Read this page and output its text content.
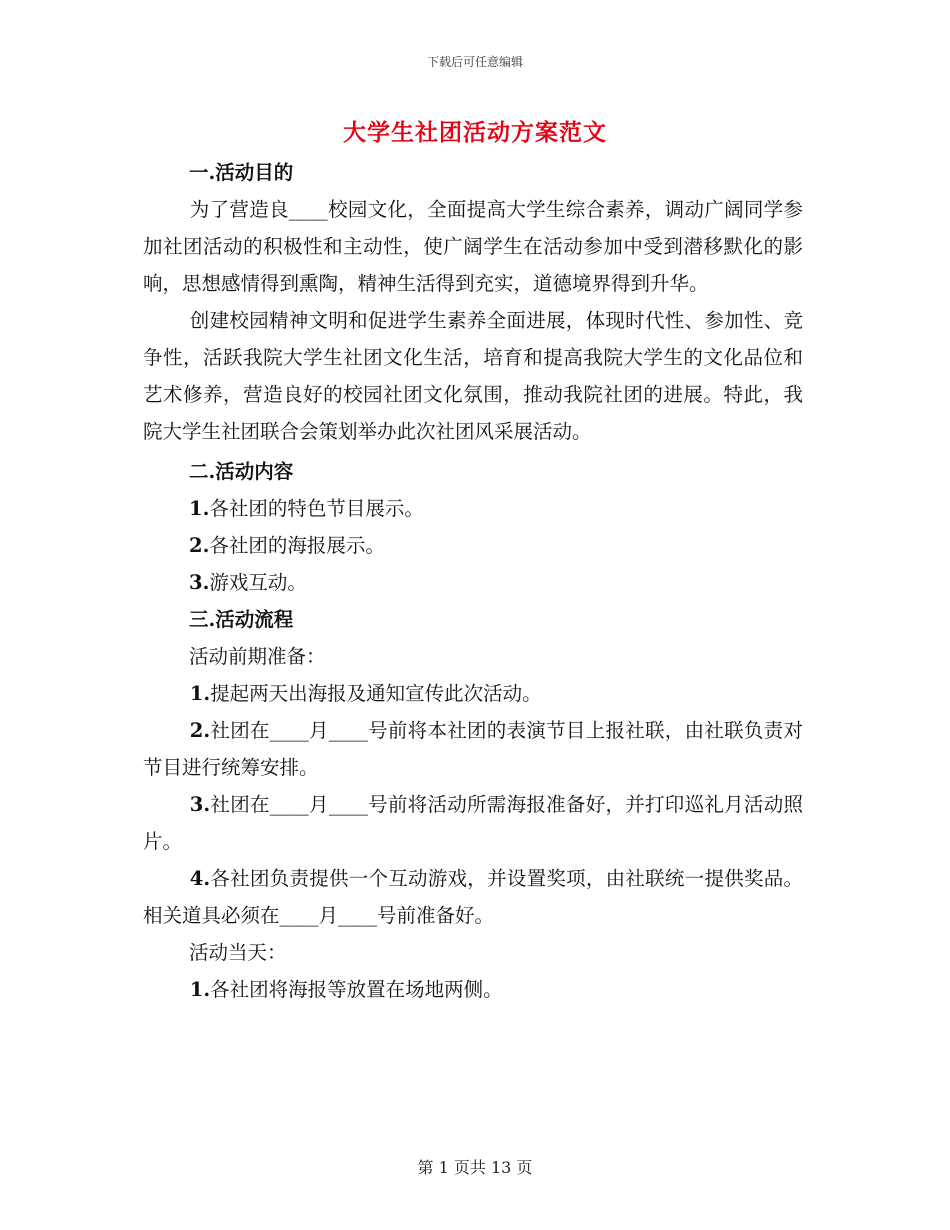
下载后可任意编辑
大学生社团活动方案范文
一.活动目的

为了营造良____校园文化，全面提高大学生综合素养，调动广阔同学参加社团活动的积极性和主动性，使广阔学生在活动参加中受到潜移默化的影响，思想感情得到熏陶，精神生活得到充实，道德境界得到升华。

创建校园精神文明和促进学生素养全面进展，体现时代性、参加性、竞争性，活跃我院大学生社团文化生活，培育和提高我院大学生的文化品位和艺术修养，营造良好的校园社团文化氛围，推动我院社团的进展。特此，我院大学生社团联合会策划举办此次社团风采展活动。

二.活动内容
1.各社团的特色节目展示。
2.各社团的海报展示。
3.游戏互动。
三.活动流程
活动前期准备：

1.提起两天出海报及通知宣传此次活动。

2.社团在____月____号前将本社团的表演节目上报社联，由社联负责对节目进行统筹安排。

3.社团在____月____号前将活动所需海报准备好，并打印巡礼月活动照片。

4.各社团负责提供一个互动游戏，并设置奖项，由社联统一提供奖品。相关道具必须在____月____号前准备好。

活动当天：

1.各社团将海报等放置在场地两侧。

第 1 页共 13 页
